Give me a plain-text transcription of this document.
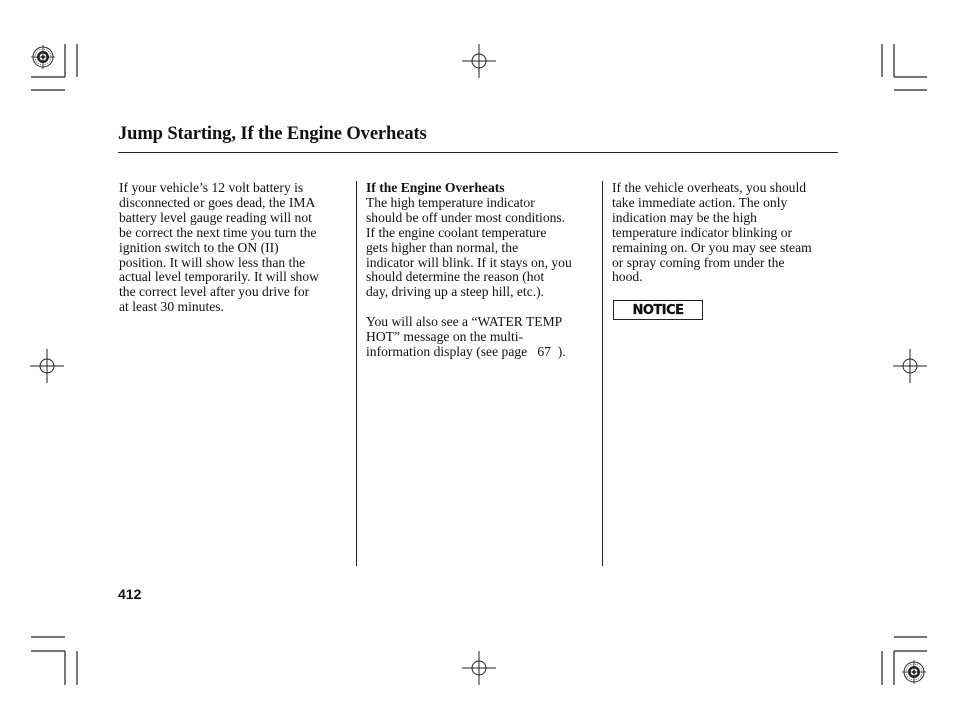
Jump Starting, If the Engine Overheats

If your vehicle’s 12 volt battery is

disconnected or goes dead, the IMA

battery level gauge reading will not

be correct the next time you turn the

ignition switch to the ON (II)

position. It will show less than the

actual level temporarily. It will show

the correct level after you drive for

at least 30 minutes.

If the Engine Overheats

The high temperature indicator

should be off under most conditions.

If the engine coolant temperature

gets higher than normal, the

indicator will blink. If it stays on, you

should determine the reason (hot

day, driving up a steep hill, etc.).

You will also see a “WATER TEMP

HOT” message on the multi-

information display (see page   67  ).

If the vehicle overheats, you should

take immediate action. The only

indication may be the high

temperature indicator blinking or

remaining on. Or you may see steam

or spray coming from under the

hood.

NOTICE
412
